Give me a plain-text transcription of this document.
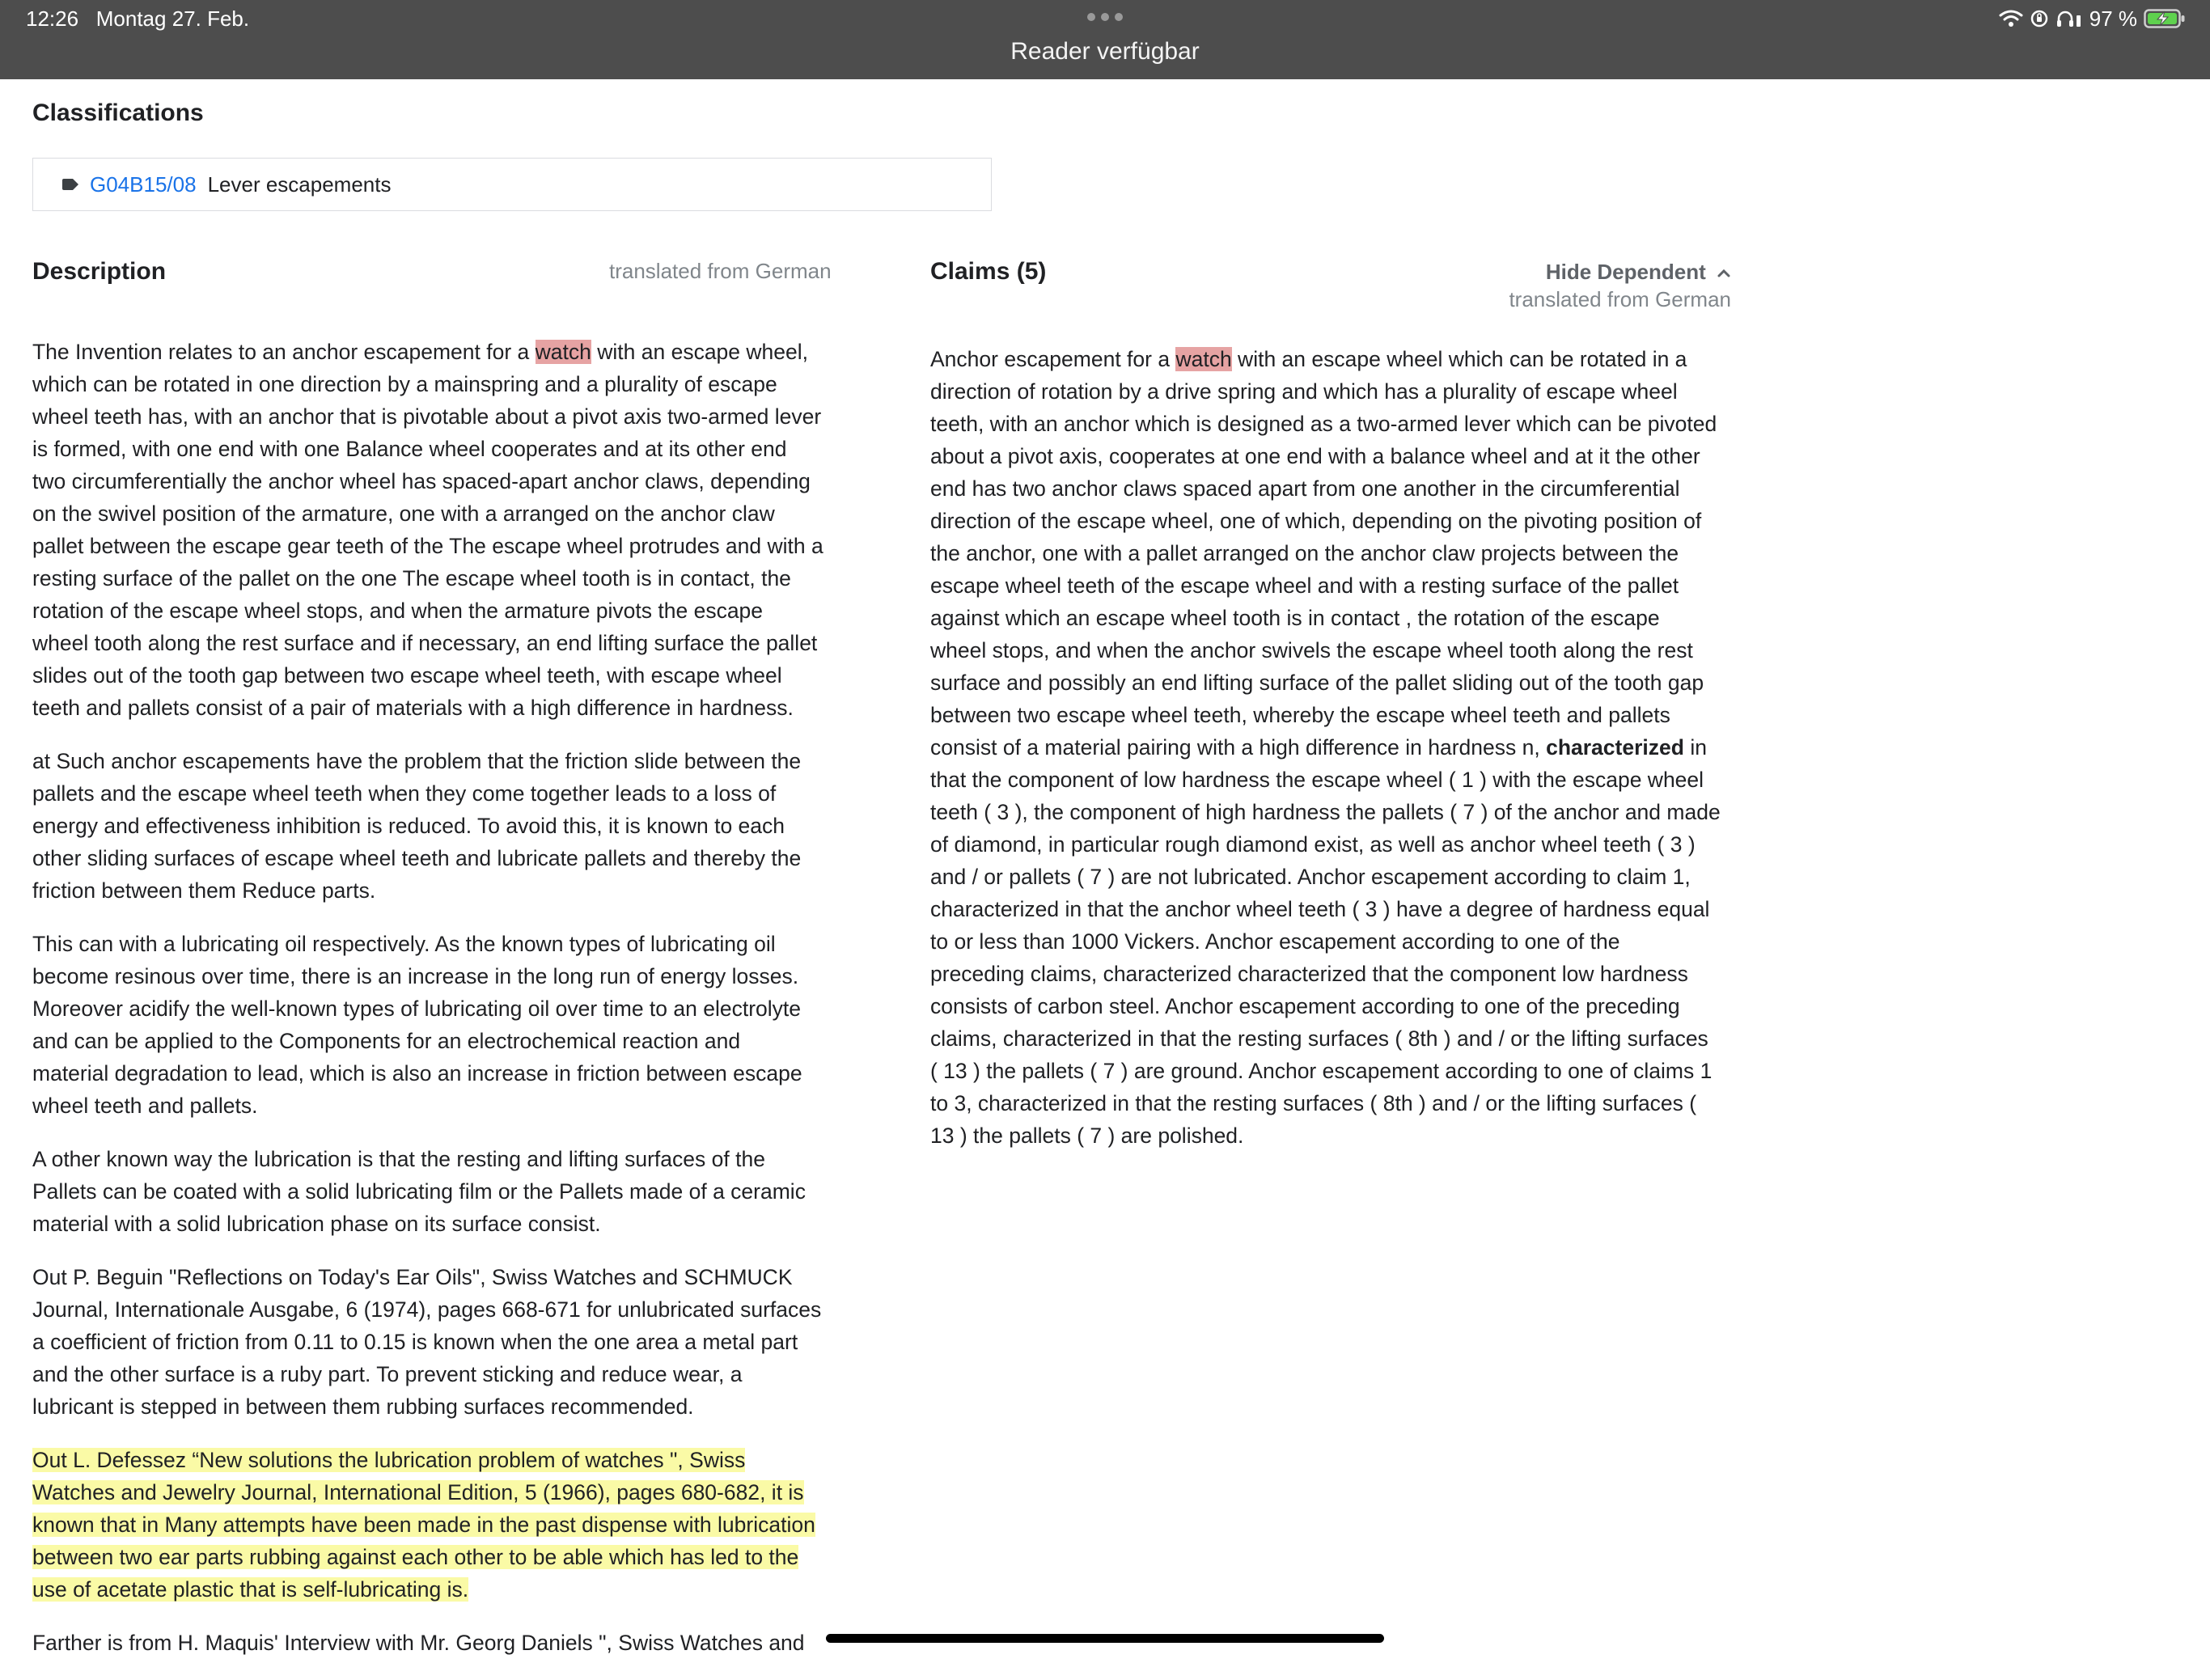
12:26 Montag 27. Feb.
Reader verfügbar
97 %
Classifications
G04B15/08 Lever escapements
Description	translated from German

The Invention relates to an anchor escapement for a watch with an escape wheel,
which can be rotated in one direction by a mainspring and a plurality of escape
wheel teeth has, with an anchor that is pivotable about a pivot axis two-armed lever
is formed, with one end with one Balance wheel cooperates and at its other end
two circumferentially the anchor wheel has spaced-apart anchor claws, depending
on the swivel position of the armature, one with a arranged on the anchor claw
pallet between the escape gear teeth of the The escape wheel protrudes and with a
resting surface of the pallet on the one The escape wheel tooth is in contact, the
rotation of the escape wheel stops, and when the armature pivots the escape
wheel tooth along the rest surface and if necessary, an end lifting surface the pallet
slides out of the tooth gap between two escape wheel teeth, with escape wheel
teeth and pallets consist of a pair of materials with a high difference in hardness.

at Such anchor escapements have the problem that the friction slide between the
pallets and the escape wheel teeth when they come together leads to a loss of
energy and effectiveness inhibition is reduced. To avoid this, it is known to each
other sliding surfaces of escape wheel teeth and lubricate pallets and thereby the
friction between them Reduce parts.

This can with a lubricating oil respectively. As the known types of lubricating oil
become resinous over time, there is an increase in the long run of energy losses.
Moreover acidify the well-known types of lubricating oil over time to an electrolyte
and can be applied to the Components for an electrochemical reaction and
material degradation to lead, which is also an increase in friction between escape
wheel teeth and pallets.

A other known way the lubrication is that the resting and lifting surfaces of the
Pallets can be coated with a solid lubricating film or the Pallets made of a ceramic
material with a solid lubrication phase on its surface consist.

Out P. Beguin "Reflections on Today's Ear Oils", Swiss Watches and SCHMUCK
Journal, Internationale Ausgabe, 6 (1974), pages 668-671 for unlubricated surfaces
a coefficient of friction from 0.11 to 0.15 is known when the one area a metal part
and the other surface is a ruby part. To prevent sticking and reduce wear, a
lubricant is stepped in between them rubbing surfaces recommended.

Out L. Defessez “New solutions the lubrication problem of watches ", Swiss
Watches and Jewelry Journal, International Edition, 5 (1966), pages 680-682, it is
known that in Many attempts have been made in the past dispense with lubrication
between two ear parts rubbing against each other to be able which has led to the
use of acetate plastic that is self-lubricating is.

Farther is from H. Maquis' Interview with Mr. Georg Daniels ", Swiss Watches and

Claims (5)	Hide Dependent
translated from German

Anchor escapement for a watch with an escape wheel which can be rotated in a
direction of rotation by a drive spring and which has a plurality of escape wheel
teeth, with an anchor which is designed as a two-armed lever which can be pivoted
about a pivot axis, cooperates at one end with a balance wheel and at it the other
end has two anchor claws spaced apart from one another in the circumferential
direction of the escape wheel, one of which, depending on the pivoting position of
the anchor, one with a pallet arranged on the anchor claw projects between the
escape wheel teeth of the escape wheel and with a resting surface of the pallet
against which an escape wheel tooth is in contact , the rotation of the escape
wheel stops, and when the anchor swivels the escape wheel tooth along the rest
surface and possibly an end lifting surface of the pallet sliding out of the tooth gap
between two escape wheel teeth, whereby the escape wheel teeth and pallets
consist of a material pairing with a high difference in hardness n, characterized in
that the component of low hardness the escape wheel ( 1 ) with the escape wheel
teeth ( 3 ), the component of high hardness the pallets ( 7 ) of the anchor and made
of diamond, in particular rough diamond exist, as well as anchor wheel teeth ( 3 )
and / or pallets ( 7 ) are not lubricated. Anchor escapement according to claim 1,
characterized in that the anchor wheel teeth ( 3 ) have a degree of hardness equal
to or less than 1000 Vickers. Anchor escapement according to one of the
preceding claims, characterized characterized that the component low hardness
consists of carbon steel. Anchor escapement according to one of the preceding
claims, characterized in that the resting surfaces ( 8th ) and / or the lifting surfaces
( 13 ) the pallets ( 7 ) are ground. Anchor escapement according to one of claims 1
to 3, characterized in that the resting surfaces ( 8th ) and / or the lifting surfaces (
13 ) the pallets ( 7 ) are polished.
